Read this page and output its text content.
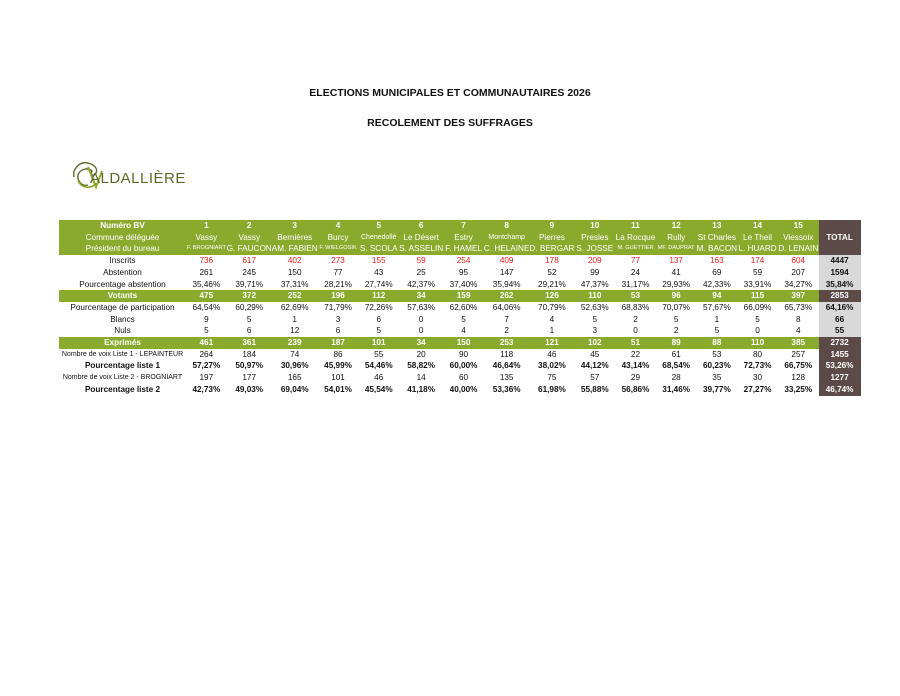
ELECTIONS MUNICIPALES ET COMMUNAUTAIRES 2026
RECOLEMENT DES SUFFRAGES
ALDALLIÈRE
Numéro BV	1	2	3	4	5	6	7	8	9	10	11	12	13	14	15	TOTAL
Commune déléguée	Vassy	Vassy	Bernières	Burcy	Chenedollé	Le Désert	Estry	Montchamp	Pierres	Presles	La Rocque	Rully	St Charles	Le Theil	Viessoix	
Président du bureau	F. BROGNIART	G. FAUCON	AM. FABIEN	F. WIELGOSIK	S. SCOLA	S. ASSELIN	F. HAMEL	C. HELAINE	D. BERGAR	S. JOSSE	M. GUETTIER	MF. DAUPRAT	M. BACON	L. HUARD	D. LENAIN	
Inscrits	736	617	402	273	155	59	254	409	178	209	77	137	163	174	604	4447
Abstention	261	245	150	77	43	25	95	147	52	99	24	41	69	59	207	1594
Pourcentage abstention	35,46%	39,71%	37,31%	28,21%	27,74%	42,37%	37,40%	35,94%	29,21%	47,37%	31,17%	29,93%	42,33%	33,91%	34,27%	35,84%
Votants	475	372	252	196	112	34	159	262	126	110	53	96	94	115	397	2853
Pourcentage de participation	64,54%	60,29%	62,69%	71,79%	72,26%	57,63%	62,60%	64,06%	70,79%	52,63%	68,83%	70,07%	57,67%	66,09%	65,73%	64,16%
Blancs	9	5	1	3	6	0	5	7	4	5	2	5	1	5	8	66
Nuls	5	6	12	6	5	0	4	2	1	3	0	2	5	0	4	55
Exprimés	461	361	239	187	101	34	150	253	121	102	51	89	88	110	385	2732
Nombre de voix Liste 1 - LEPAINTEUR	264	184	74	86	55	20	90	118	46	45	22	61	53	80	257	1455
Pourcentage liste 1	57,27%	50,97%	30,96%	45,99%	54,46%	58,82%	60,00%	46,64%	38,02%	44,12%	43,14%	68,54%	60,23%	72,73%	66,75%	53,26%
Nombre de voix Liste 2 - BROGNIART	197	177	165	101	46	14	60	135	75	57	29	28	35	30	128	1277
Pourcentage liste 2	42,73%	49,03%	69,04%	54,01%	45,54%	41,18%	40,00%	53,36%	61,98%	55,88%	56,86%	31,46%	39,77%	27,27%	33,25%	46,74%
